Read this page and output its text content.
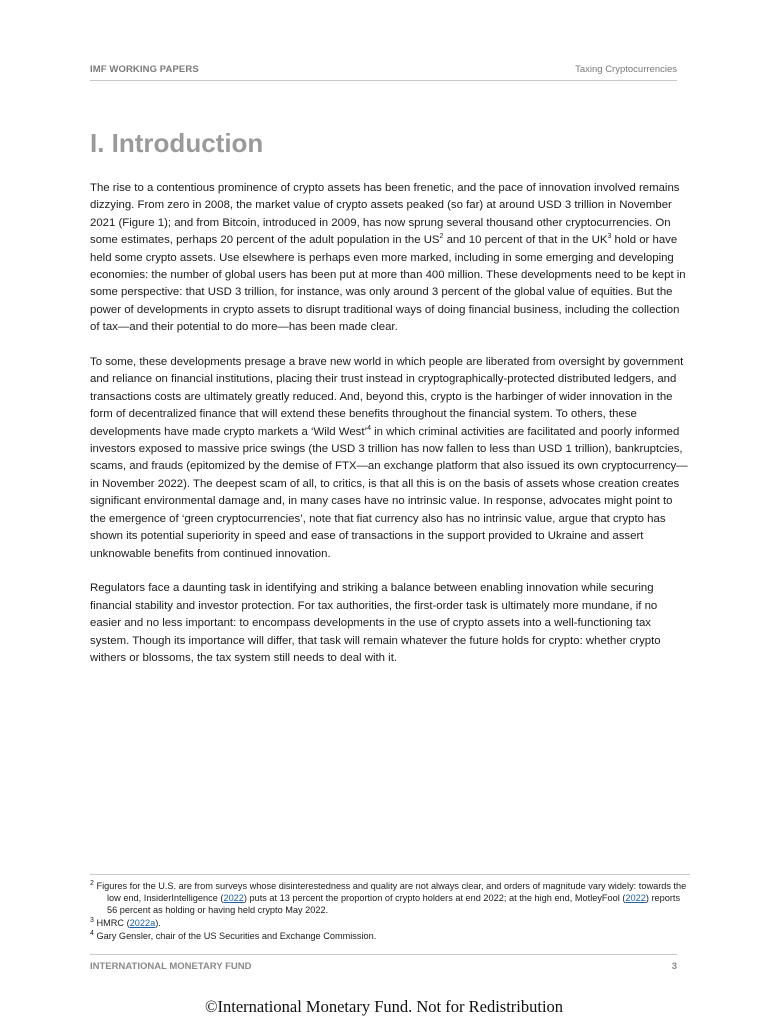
IMF WORKING PAPERS	Taxing Cryptocurrencies
I. Introduction

The rise to a contentious prominence of crypto assets has been frenetic, and the pace of innovation involved remains dizzying. From zero in 2008, the market value of crypto assets peaked (so far) at around USD 3 trillion in November 2021 (Figure 1); and from Bitcoin, introduced in 2009, has now sprung several thousand other cryptocurrencies. On some estimates, perhaps 20 percent of the adult population in the $US^2$ and 10 percent of that in the $UK^3$ hold or have held some crypto assets. Use elsewhere is perhaps even more marked, including in some emerging and developing economies: the number of global users has been put at more than 400 million. These developments need to be kept in some perspective: that USD 3 trillion, for instance, was only around 3 percent of the global value of equities. But the power of developments in crypto assets to disrupt traditional ways of doing financial business, including the collection of tax—and their potential to do more—has been made clear.

To some, these developments presage a brave new world in which people are liberated from oversight by government and reliance on financial institutions, placing their trust instead in cryptographically-protected distributed ledgers, and transactions costs are ultimately greatly reduced. And, beyond this, crypto is the harbinger of wider innovation in the form of decentralized finance that will extend these benefits throughout the financial system. To others, these developments have made crypto markets a ‘Wild West’$^4$ in which criminal activities are facilitated and poorly informed investors exposed to massive price swings (the USD 3 trillion has now fallen to less than USD 1 trillion), bankruptcies, scams, and frauds (epitomized by the demise of FTX—an exchange platform that also issued its own cryptocurrency—in November 2022). The deepest scam of all, to critics, is that all this is on the basis of assets whose creation creates significant environmental damage and, in many cases have no intrinsic value. In response, advocates might point to the emergence of ‘green cryptocurrencies’, note that fiat currency also has no intrinsic value, argue that crypto has shown its potential superiority in speed and ease of transactions in the support provided to Ukraine and assert unknowable benefits from continued innovation.

Regulators face a daunting task in identifying and striking a balance between enabling innovation while securing financial stability and investor protection. For tax authorities, the first-order task is ultimately more mundane, if no easier and no less important: to encompass developments in the use of crypto assets into a well-functioning tax system. Though its importance will differ, that task will remain whatever the future holds for crypto: whether crypto withers or blossoms, the tax system still needs to deal with it.

$^2$ Figures for the U.S. are from surveys whose disinterestedness and quality are not always clear, and orders of magnitude vary widely: towards the low end, InsiderIntelligence (2022) puts at 13 percent the proportion of crypto holders at end 2022; at the high end, MotleyFool (2022) reports 56 percent as holding or having held crypto May 2022.
$^3$ HMRC (2022a).
$^4$ Gary Gensler, chair of the US Securities and Exchange Commission.
INTERNATIONAL MONETARY FUND	3
©International Monetary Fund. Not for Redistribution
